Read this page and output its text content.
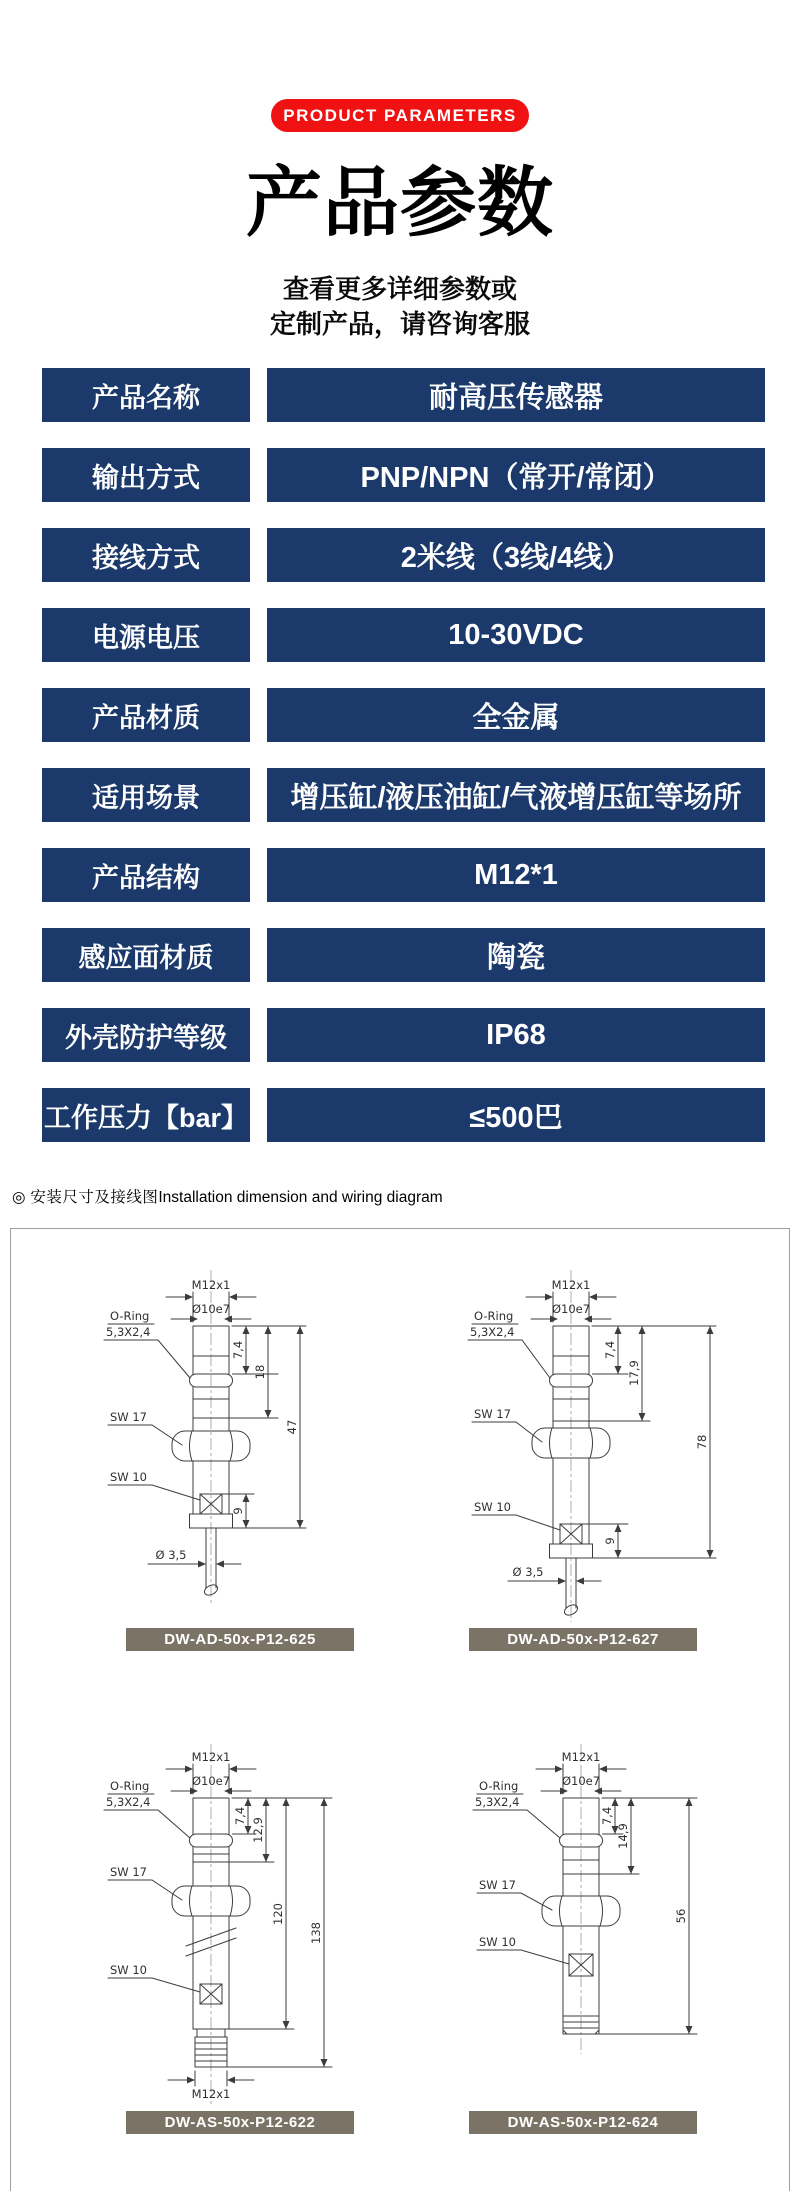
PRODUCT PARAMETERS
产品参数
查看更多详细参数或
定制产品，请咨询客服
产品名称	耐高压传感器
输出方式	PNP/NPN（常开/常闭）
接线方式	2米线（3线/4线）
电源电压	10-30VDC
产品材质	全金属
适用场景	增压缸/液压油缸/气液增压缸等场所
产品结构	M12*1
感应面材质	陶瓷
外壳防护等级	IP68
工作压力【bar】	≤500巴
◎ 安装尺寸及接线图Installation dimension and wiring diagram
M12x1
Ø10e7
O-Ring
5,3X2,4
SW 17
SW 10
7,4
18
9
47
Ø 3,5
DW-AD-50x-P12-625
M12x1
Ø10e7
O-Ring
5,3X2,4
SW 17
SW 10
7,4
17,9
9
78
Ø 3,5
DW-AD-50x-P12-627
M12x1
Ø10e7
O-Ring
5,3X2,4
SW 17
SW 10
7,4
12,9
120
138
M12x1
DW-AS-50x-P12-622
M12x1
Ø10e7
O-Ring
5,3X2,4
SW 17
SW 10
7,4
14,9
56
DW-AS-50x-P12-624
